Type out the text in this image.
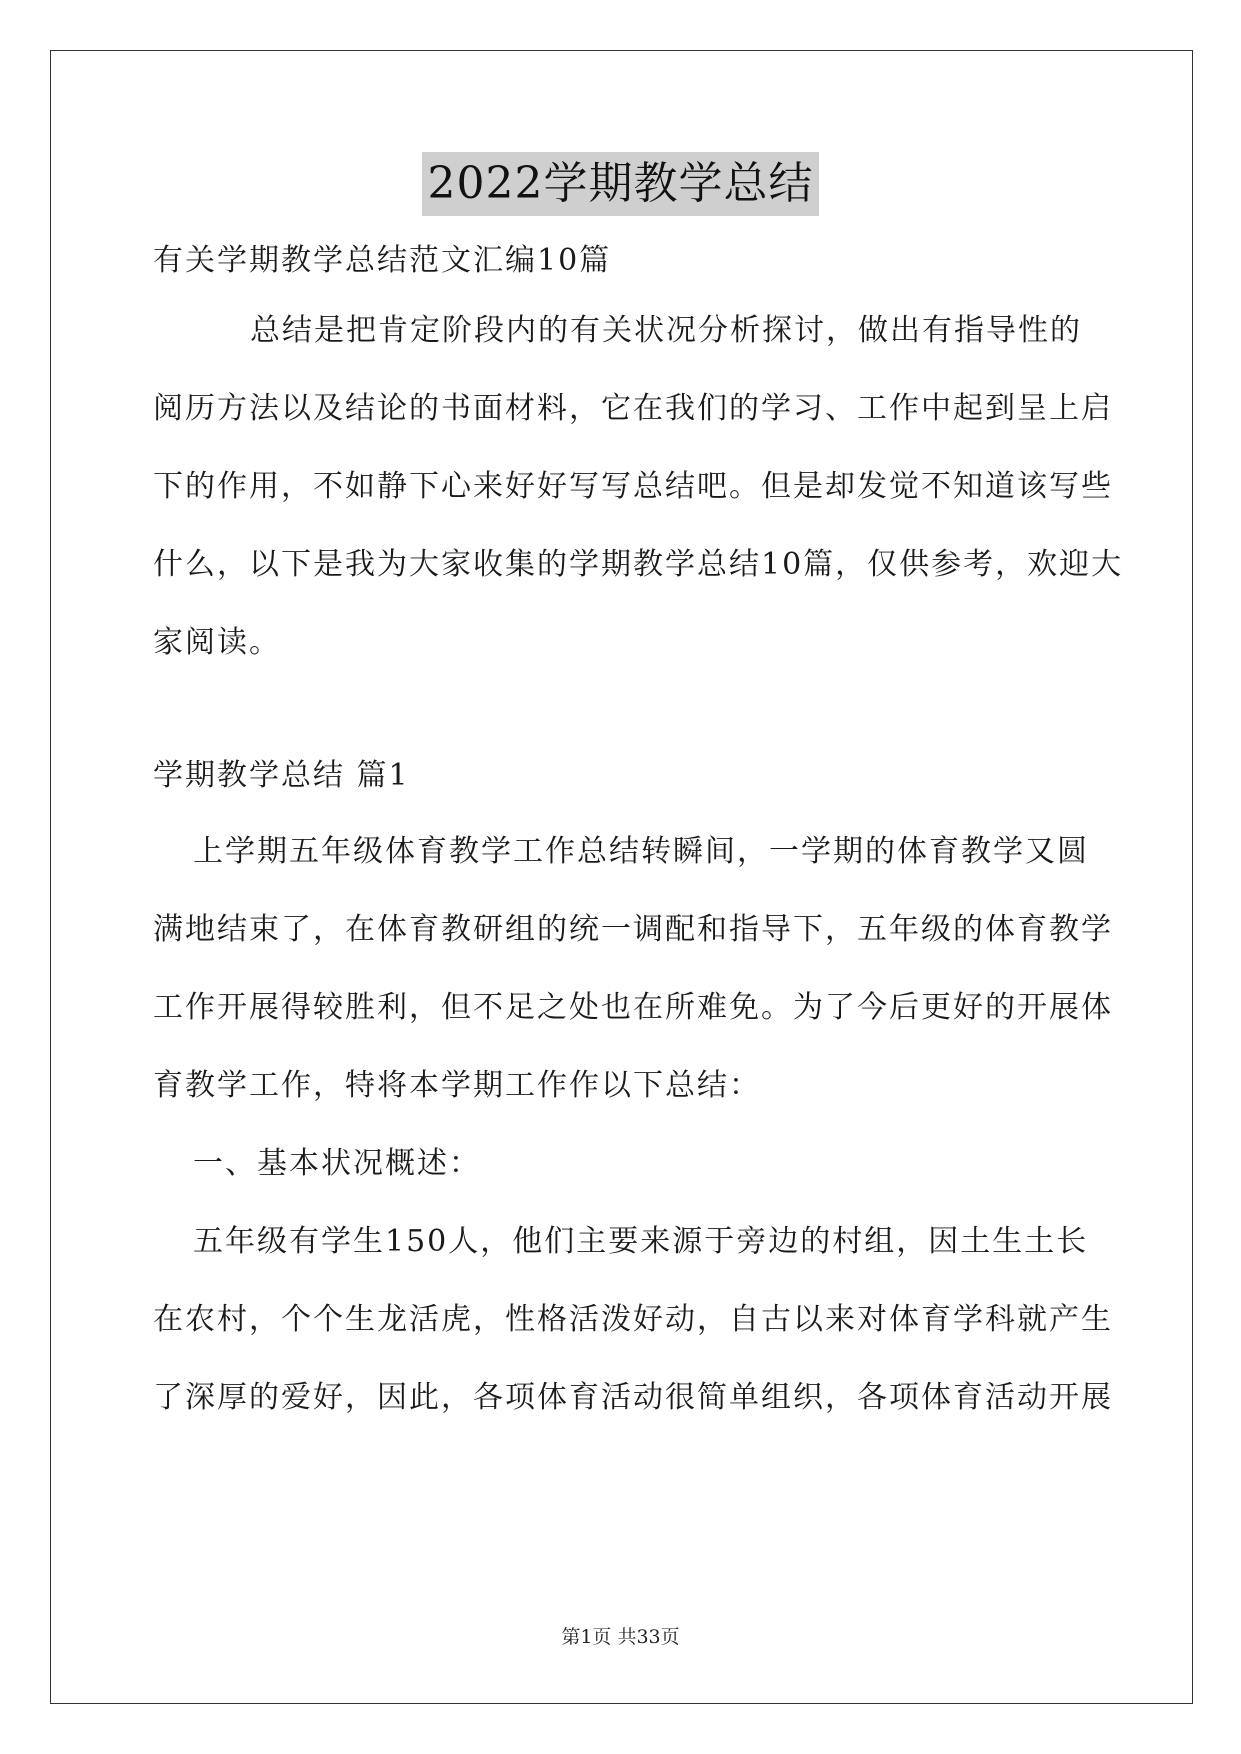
2022学期教学总结
有关学期教学总结范文汇编10篇
总结是把肯定阶段内的有关状况分析探讨，做出有指导性的
阅历方法以及结论的书面材料，它在我们的学习、工作中起到呈上启
下的作用，不如静下心来好好写写总结吧。但是却发觉不知道该写些
什么，以下是我为大家收集的学期教学总结10篇，仅供参考，欢迎大
家阅读。
学期教学总结 篇1
上学期五年级体育教学工作总结转瞬间，一学期的体育教学又圆
满地结束了，在体育教研组的统一调配和指导下，五年级的体育教学
工作开展得较胜利，但不足之处也在所难免。为了今后更好的开展体
育教学工作，特将本学期工作作以下总结：
一、基本状况概述：
五年级有学生150人，他们主要来源于旁边的村组，因土生土长
在农村，个个生龙活虎，性格活泼好动，自古以来对体育学科就产生
了深厚的爱好，因此，各项体育活动很简单组织，各项体育活动开展
第1页 共33页
